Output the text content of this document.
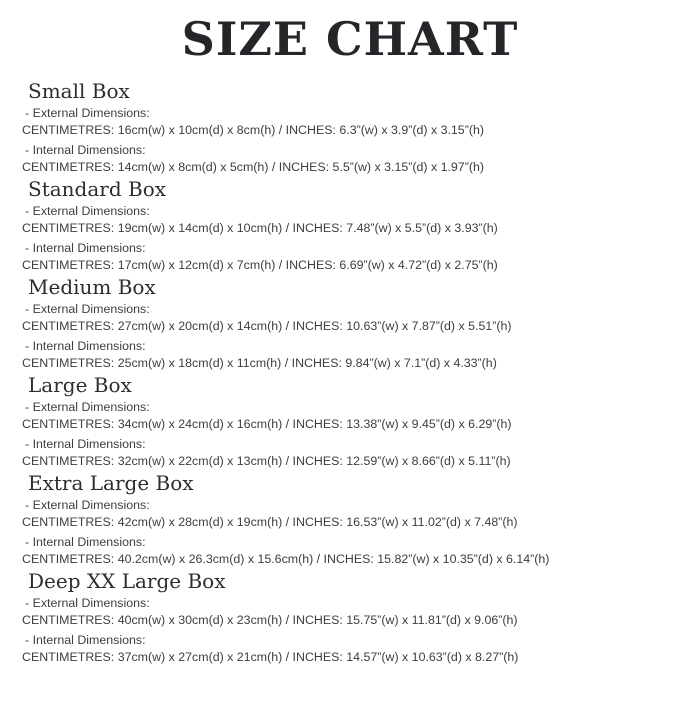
SIZE CHART
Small Box

- External Dimensions:

CENTIMETRES: 16cm(w) x 10cm(d) x 8cm(h) / INCHES: 6.3”(w) x 3.9”(d) x 3.15”(h)

- Internal Dimensions:

CENTIMETRES: 14cm(w) x 8cm(d) x 5cm(h) / INCHES: 5.5”(w) x 3.15”(d) x 1.97”(h)

Standard Box

- External Dimensions:

CENTIMETRES: 19cm(w) x 14cm(d) x 10cm(h) / INCHES: 7.48”(w) x 5.5”(d) x 3.93”(h)

- Internal Dimensions:

CENTIMETRES: 17cm(w) x 12cm(d) x 7cm(h) / INCHES: 6.69”(w) x 4.72”(d) x 2.75”(h)

Medium Box

- External Dimensions:

CENTIMETRES: 27cm(w) x 20cm(d) x 14cm(h) / INCHES: 10.63”(w) x 7.87”(d) x 5.51”(h)

- Internal Dimensions:

CENTIMETRES: 25cm(w) x 18cm(d) x 11cm(h) / INCHES: 9.84”(w) x 7.1”(d) x 4.33”(h)

Large Box

- External Dimensions:

CENTIMETRES: 34cm(w) x 24cm(d) x 16cm(h) / INCHES: 13.38”(w) x 9.45”(d) x 6.29”(h)

- Internal Dimensions:

CENTIMETRES: 32cm(w) x 22cm(d) x 13cm(h) / INCHES: 12.59”(w) x 8.66”(d) x 5.11”(h)

Extra Large Box

- External Dimensions:

CENTIMETRES: 42cm(w) x 28cm(d) x 19cm(h) / INCHES: 16.53”(w) x 11.02”(d) x 7.48”(h)

- Internal Dimensions:

CENTIMETRES: 40.2cm(w) x 26.3cm(d) x 15.6cm(h) / INCHES: 15.82”(w) x 10.35”(d) x 6.14”(h)

Deep XX Large Box

- External Dimensions:

CENTIMETRES: 40cm(w) x 30cm(d) x 23cm(h) / INCHES: 15.75”(w) x 11.81”(d) x 9.06”(h)

- Internal Dimensions:

CENTIMETRES: 37cm(w) x 27cm(d) x 21cm(h) / INCHES: 14.57”(w) x 10.63”(d) x 8.27”(h)
